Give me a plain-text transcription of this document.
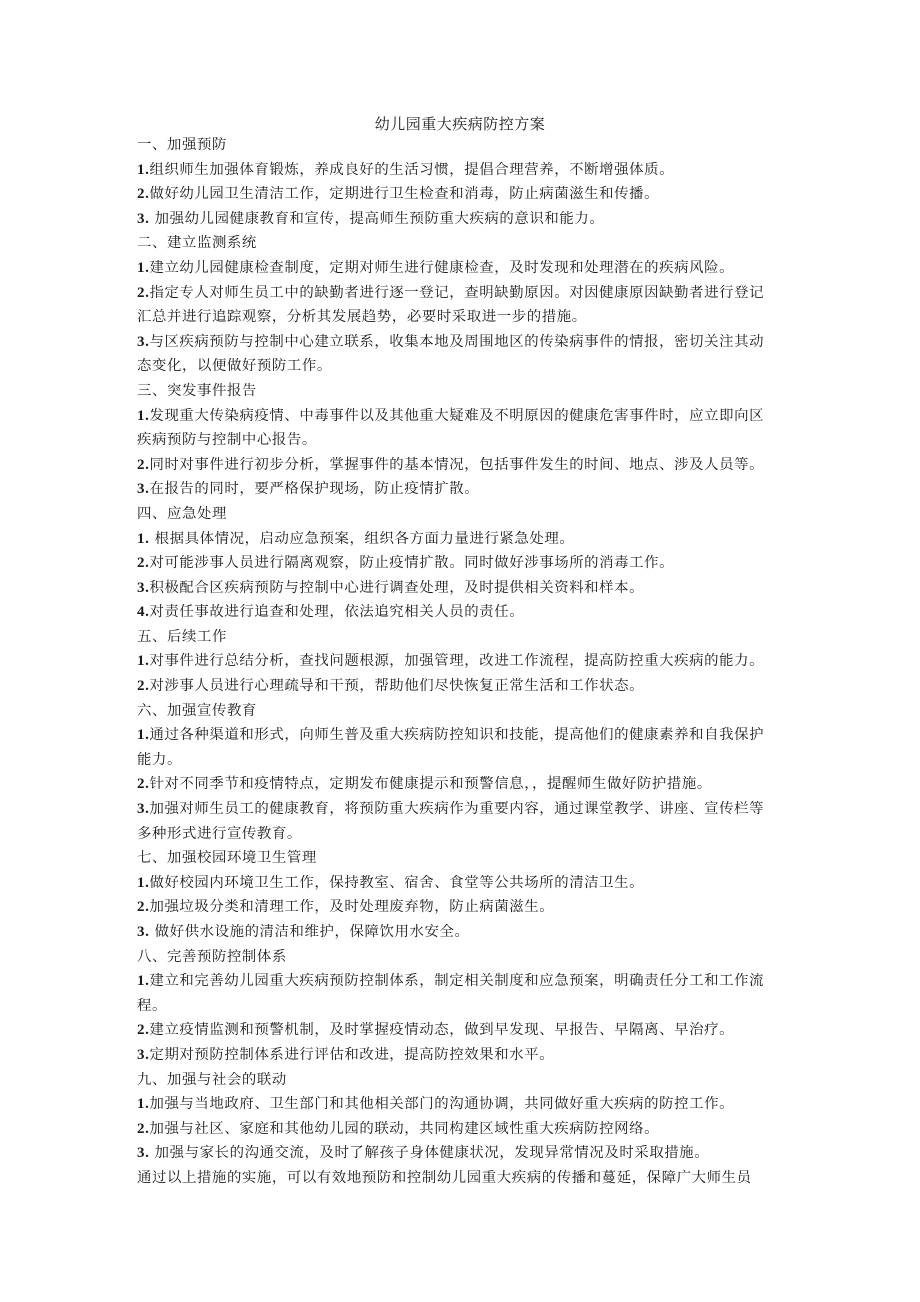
幼儿园重大疾病防控方案
一、加强预防
1.组织师生加强体育锻炼，养成良好的生活习惯，提倡合理营养，不断增强体质。
2.做好幼儿园卫生清洁工作，定期进行卫生检查和消毒，防止病菌滋生和传播。
3. 加强幼儿园健康教育和宣传，提高师生预防重大疾病的意识和能力。
二、建立监测系统
1.建立幼儿园健康检查制度，定期对师生进行健康检查，及时发现和处理潜在的疾病风险。
2.指定专人对师生员工中的缺勤者进行逐一登记，查明缺勤原因。对因健康原因缺勤者进行登记
汇总并进行追踪观察，分析其发展趋势，必要时采取进一步的措施。
3.与区疾病预防与控制中心建立联系，收集本地及周围地区的传染病事件的情报，密切关注其动
态变化，以便做好预防工作。
三、突发事件报告
1.发现重大传染病疫情、中毒事件以及其他重大疑难及不明原因的健康危害事件时，应立即向区
疾病预防与控制中心报告。
2.同时对事件进行初步分析，掌握事件的基本情况，包括事件发生的时间、地点、涉及人员等。
3.在报告的同时，要严格保护现场，防止疫情扩散。
四、应急处理
1. 根据具体情况，启动应急预案，组织各方面力量进行紧急处理。
2.对可能涉事人员进行隔离观察，防止疫情扩散。同时做好涉事场所的消毒工作。
3.积极配合区疾病预防与控制中心进行调查处理，及时提供相关资料和样本。
4.对责任事故进行追查和处理，依法追究相关人员的责任。
五、后续工作
1.对事件进行总结分析，查找问题根源，加强管理，改进工作流程，提高防控重大疾病的能力。
2.对涉事人员进行心理疏导和干预，帮助他们尽快恢复正常生活和工作状态。
六、加强宣传教育
1.通过各种渠道和形式，向师生普及重大疾病防控知识和技能，提高他们的健康素养和自我保护
能力。
2.针对不同季节和疫情特点，定期发布健康提示和预警信息，，提醒师生做好防护措施。
3.加强对师生员工的健康教育，将预防重大疾病作为重要内容，通过课堂教学、讲座、宣传栏等
多种形式进行宣传教育。
七、加强校园环境卫生管理
1.做好校园内环境卫生工作，保持教室、宿舍、食堂等公共场所的清洁卫生。
2.加强垃圾分类和清理工作，及时处理废弃物，防止病菌滋生。
3. 做好供水设施的清洁和维护，保障饮用水安全。
八、完善预防控制体系
1.建立和完善幼儿园重大疾病预防控制体系，制定相关制度和应急预案，明确责任分工和工作流
程。
2.建立疫情监测和预警机制，及时掌握疫情动态，做到早发现、早报告、早隔离、早治疗。
3.定期对预防控制体系进行评估和改进，提高防控效果和水平。
九、加强与社会的联动
1.加强与当地政府、卫生部门和其他相关部门的沟通协调，共同做好重大疾病的防控工作。
2.加强与社区、家庭和其他幼儿园的联动，共同构建区域性重大疾病防控网络。
3. 加强与家长的沟通交流，及时了解孩子身体健康状况，发现异常情况及时采取措施。
通过以上措施的实施，可以有效地预防和控制幼儿园重大疾病的传播和蔓延，保障广大师生员
